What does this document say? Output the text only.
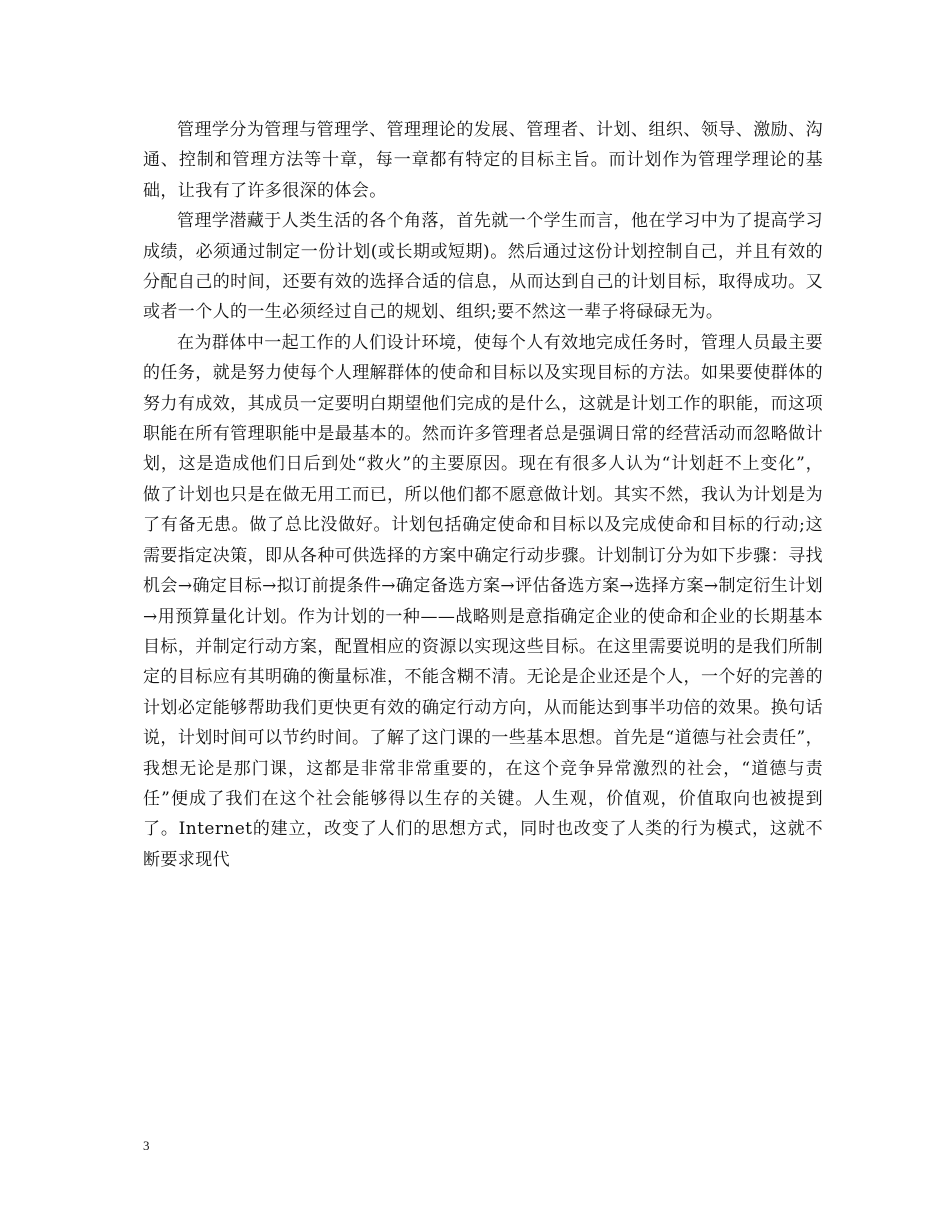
管理学分为管理与管理学、管理理论的发展、管理者、计划、组织、领导、激励、沟通、控制和管理方法等十章，每一章都有特定的目标主旨。而计划作为管理学理论的基础，让我有了许多很深的体会。

管理学潜藏于人类生活的各个角落，首先就一个学生而言，他在学习中为了提高学习成绩，必须通过制定一份计划(或长期或短期)。然后通过这份计划控制自己，并且有效的分配自己的时间，还要有效的选择合适的信息，从而达到自己的计划目标，取得成功。又或者一个人的一生必须经过自己的规划、组织;要不然这一辈子将碌碌无为。

在为群体中一起工作的人们设计环境，使每个人有效地完成任务时，管理人员最主要的任务，就是努力使每个人理解群体的使命和目标以及实现目标的方法。如果要使群体的努力有成效，其成员一定要明白期望他们完成的是什么，这就是计划工作的职能，而这项职能在所有管理职能中是最基本的。然而许多管理者总是强调日常的经营活动而忽略做计划，这是造成他们日后到处“救火”的主要原因。现在有很多人认为“计划赶不上变化”，做了计划也只是在做无用工而已，所以他们都不愿意做计划。其实不然，我认为计划是为了有备无患。做了总比没做好。计划包括确定使命和目标以及完成使命和目标的行动;这需要指定决策，即从各种可供选择的方案中确定行动步骤。计划制订分为如下步骤：寻找机会→确定目标→拟订前提条件→确定备选方案→评估备选方案→选择方案→制定衍生计划→用预算量化计划。作为计划的一种——战略则是意指确定企业的使命和企业的长期基本目标，并制定行动方案，配置相应的资源以实现这些目标。在这里需要说明的是我们所制定的目标应有其明确的衡量标准，不能含糊不清。无论是企业还是个人，一个好的完善的计划必定能够帮助我们更快更有效的确定行动方向，从而能达到事半功倍的效果。换句话说，计划时间可以节约时间。了解了这门课的一些基本思想。首先是“道德与社会责任”，我想无论是那门课，这都是非常非常重要的，在这个竞争异常激烈的社会，“道德与责任”便成了我们在这个社会能够得以生存的关键。人生观，价值观，价值取向也被提到了。Internet的建立，改变了人们的思想方式，同时也改变了人类的行为模式，这就不断要求现代

3
